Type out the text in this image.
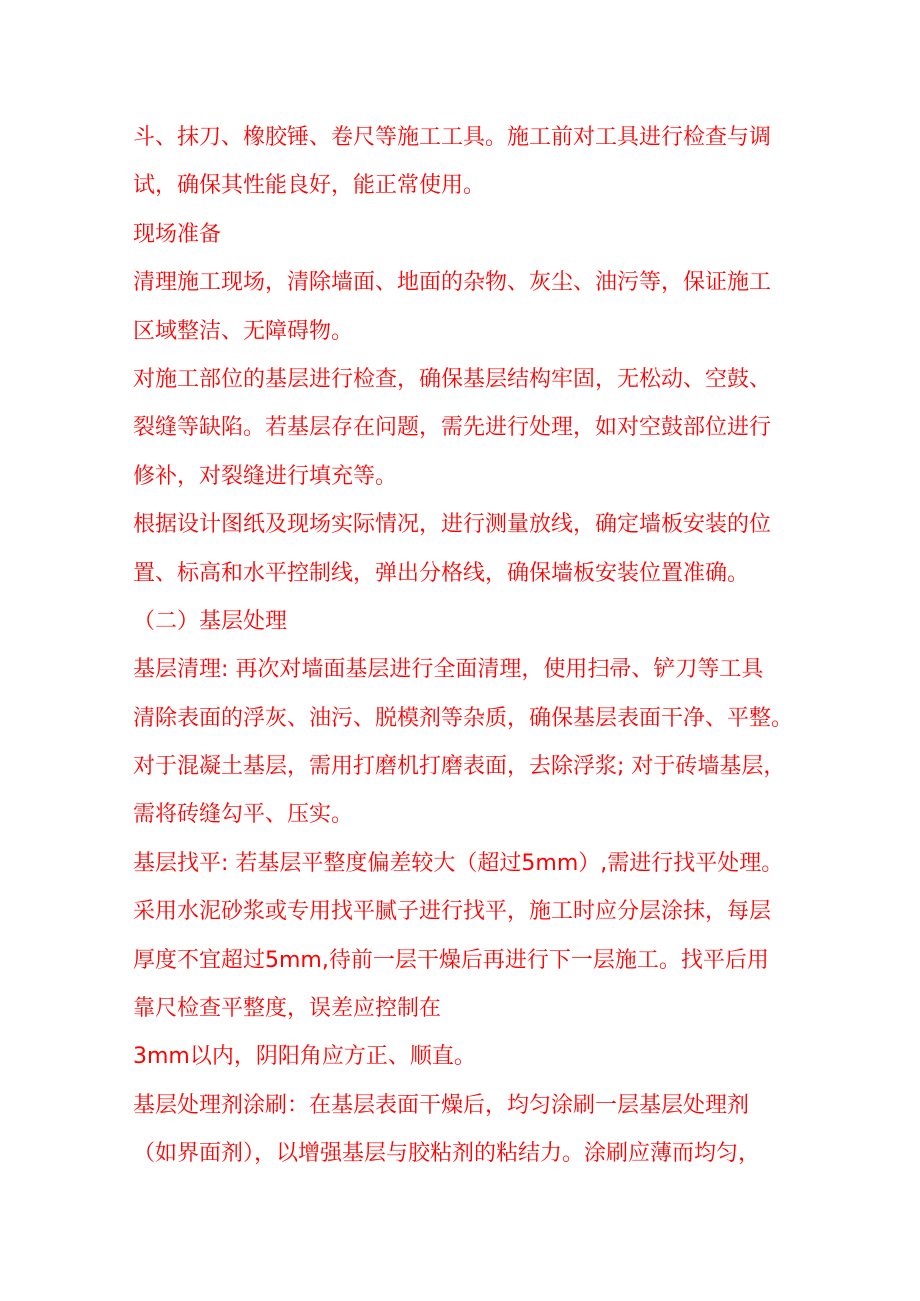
斗、抹刀、橡胶锤、卷尺等施工工具。施工前对工具进行检查与调
试，确保其性能良好，能正常使用。
现场准备
清理施工现场，清除墙面、地面的杂物、灰尘、油污等，保证施工
区域整洁、无障碍物。
对施工部位的基层进行检查，确保基层结构牢固，无松动、空鼓、
裂缝等缺陷。若基层存在问题，需先进行处理，如对空鼓部位进行
修补，对裂缝进行填充等。
根据设计图纸及现场实际情况，进行测量放线，确定墙板安装的位
置、标高和水平控制线，弹出分格线，确保墙板安装位置准确。
（二）基层处理
基层清理: 再次对墙面基层进行全面清理，使用扫帚、铲刀等工具
清除表面的浮灰、油污、脱模剂等杂质，确保基层表面干净、平整。
对于混凝土基层，需用打磨机打磨表面，去除浮浆; 对于砖墙基层，
需将砖缝勾平、压实。
基层找平: 若基层平整度偏差较大（超过5mm）,需进行找平处理。
采用水泥砂浆或专用找平腻子进行找平，施工时应分层涂抹，每层
厚度不宜超过5mm,待前一层干燥后再进行下一层施工。找平后用
靠尺检查平整度，误差应控制在
3mm以内，阴阳角应方正、顺直。
基层处理剂涂刷：在基层表面干燥后，均匀涂刷一层基层处理剂
（如界面剂），以增强基层与胶粘剂的粘结力。涂刷应薄而均匀，
